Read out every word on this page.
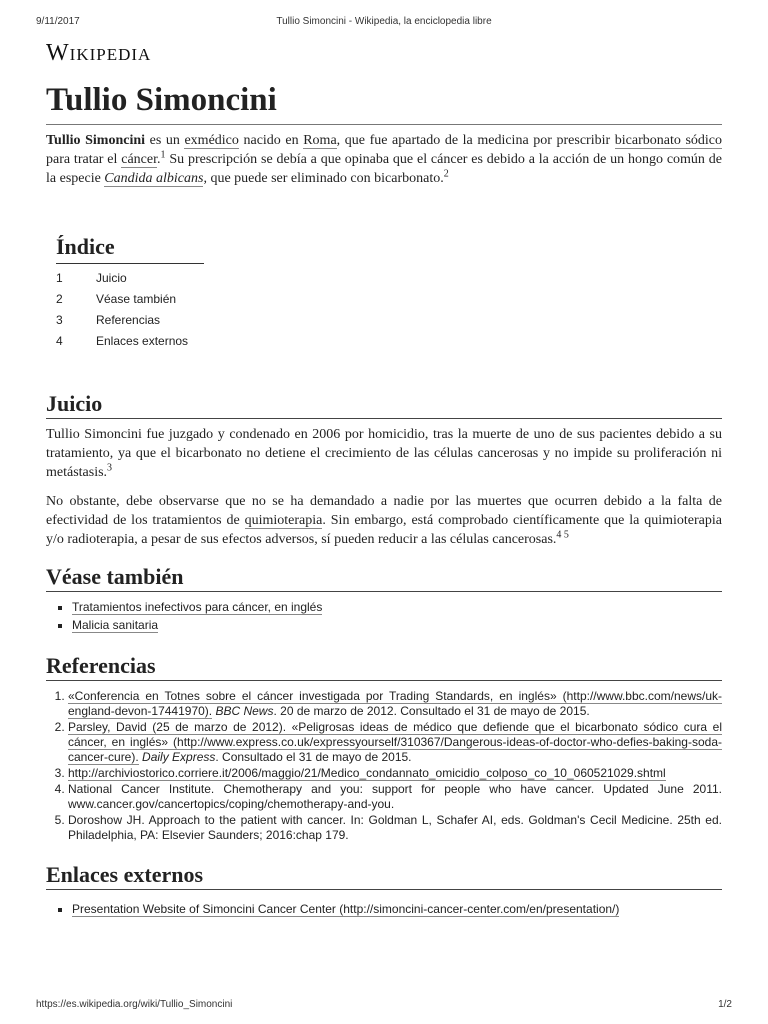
9/11/2017	Tullio Simoncini - Wikipedia, la enciclopedia libre
Wikipedia
Tullio Simoncini

Tullio Simoncini es un exmédico nacido en Roma, que fue apartado de la medicina por prescribir bicarbonato sódico para tratar el cáncer.$^1$ Su prescripción se debía a que opinaba que el cáncer es debido a la acción de un hongo común de la especie Candida albicans, que puede ser eliminado con bicarbonato.$^2$

Índice
1	Juicio
2	Véase también
3	Referencias
4	Enlaces externos
Juicio

Tullio Simoncini fue juzgado y condenado en 2006 por homicidio, tras la muerte de uno de sus pacientes debido a su tratamiento, ya que el bicarbonato no detiene el crecimiento de las células cancerosas y no impide su proliferación ni metástasis.$^3$

No obstante, debe observarse que no se ha demandado a nadie por las muertes que ocurren debido a la falta de efectividad de los tratamientos de quimioterapia. Sin embargo, está comprobado científicamente que la quimioterapia y/o radioterapia, a pesar de sus efectos adversos, sí pueden reducir a las células cancerosas.$^{4 5}$

Véase también
Tratamientos inefectivos para cáncer, en inglés
Malicia sanitaria
Referencias
1. «Conferencia en Totnes sobre el cáncer investigada por Trading Standards, en inglés» (http://www.bbc.com/news/uk-england-devon-17441970). BBC News. 20 de marzo de 2012. Consultado el 31 de mayo de 2015.
2. Parsley, David (25 de marzo de 2012). «Peligrosas ideas de médico que defiende que el bicarbonato sódico cura el cáncer, en inglés» (http://www.express.co.uk/expressyourself/310367/Dangerous-ideas-of-doctor-who-defies-baking-soda-cancer-cure). Daily Express. Consultado el 31 de mayo de 2015.
3. http://archiviostorico.corriere.it/2006/maggio/21/Medico_condannato_omicidio_colposo_co_10_060521029.shtml
4. National Cancer Institute. Chemotherapy and you: support for people who have cancer. Updated June 2011. www.cancer.gov/cancertopics/coping/chemotherapy-and-you.
5. Doroshow JH. Approach to the patient with cancer. In: Goldman L, Schafer AI, eds. Goldman's Cecil Medicine. 25th ed. Philadelphia, PA: Elsevier Saunders; 2016:chap 179.
Enlaces externos
Presentation Website of Simoncini Cancer Center (http://simoncini-cancer-center.com/en/presentation/)
https://es.wikipedia.org/wiki/Tullio_Simoncini	1/2
